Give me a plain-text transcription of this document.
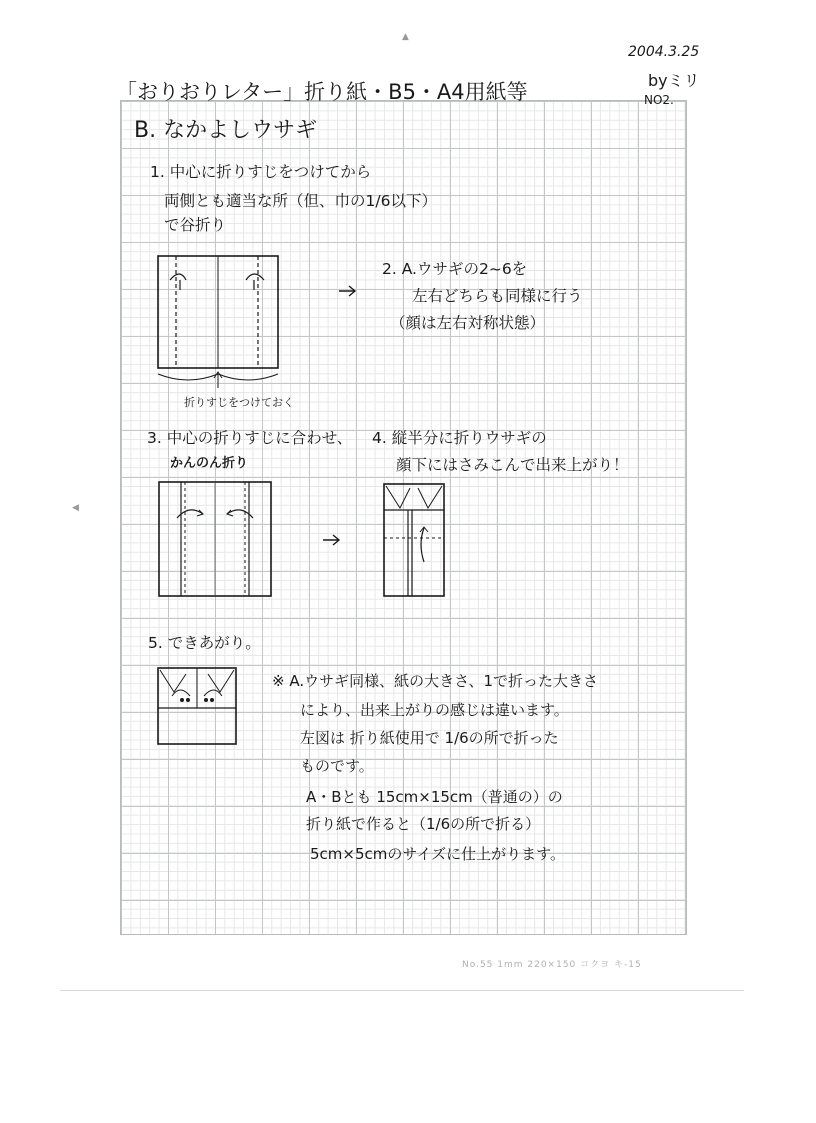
▲
◀
2004.3.25
byミリ
NO2.
「おりおりレター」折り紙・B5・A4用紙等
B. なかよしウサギ
1. 中心に折りすじをつけてから
両側とも適当な所（但、巾の1/6以下）
で谷折り
2. A.ウサギの2~6を
左右どちらも同様に行う
（顔は左右対称状態）
折りすじをつけておく
3. 中心の折りすじに合わせ、
かんのん折り
4. 縦半分に折りウサギの
顔下にはさみこんで出来上がり！
5. できあがり。
※ A.ウサギ同様、紙の大きさ、1で折った大きさ
により、出来上がりの感じは違います。
左図は 折り紙使用で 1/6の所で折った
ものです。
A・Bとも 15cm×15cm（普通の）の
折り紙で作ると（1/6の所で折る）
5cm×5cmのサイズに仕上がります。
No.55 1mm 220×150 コクヨ キ-15
